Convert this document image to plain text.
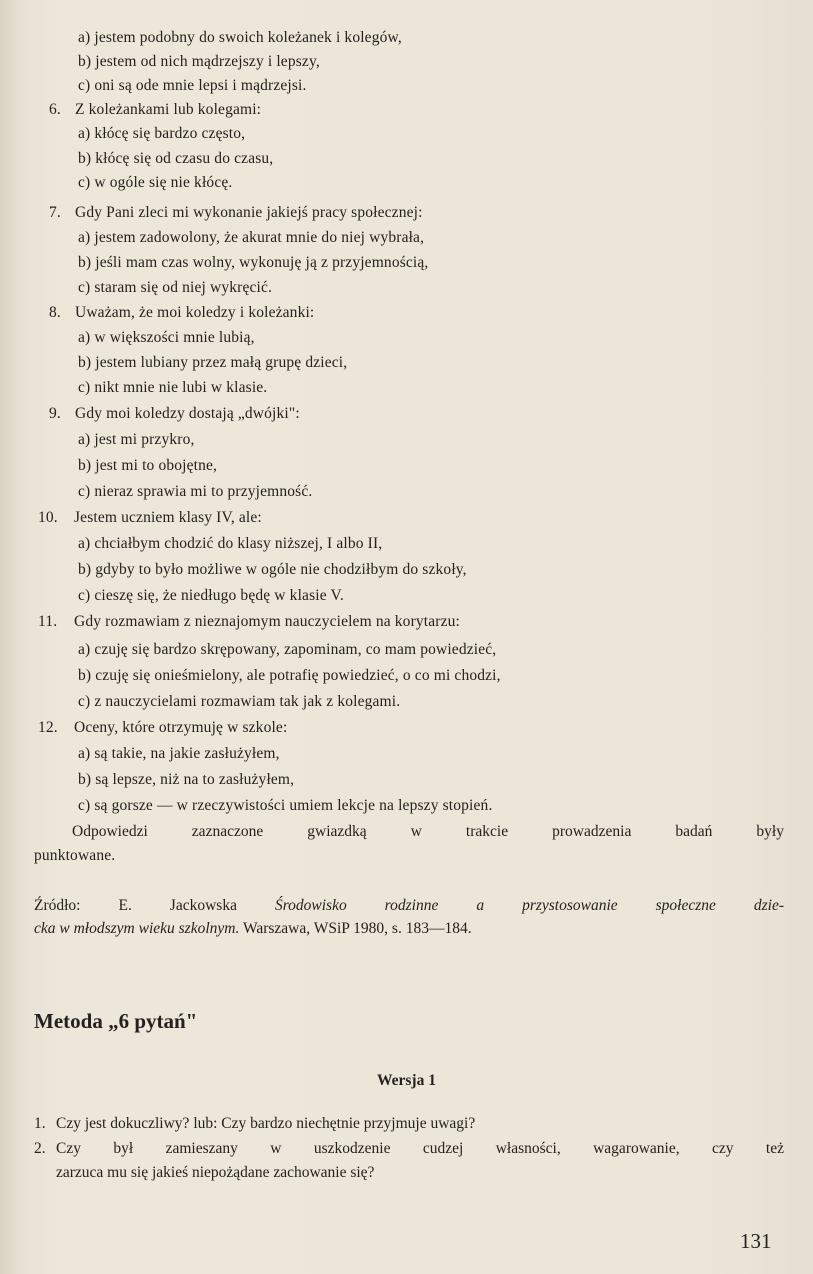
a) jestem podobny do swoich koleżanek i kolegów,
b) jestem od nich mądrzejszy i lepszy,
c) oni są ode mnie lepsi i mądrzejsi.
6. Z koleżankami lub kolegami:
a) kłócę się bardzo często,
b) kłócę się od czasu do czasu,
c) w ogóle się nie kłócę.
7. Gdy Pani zleci mi wykonanie jakiejś pracy społecznej:
a) jestem zadowolony, że akurat mnie do niej wybrała,
b) jeśli mam czas wolny, wykonuję ją z przyjemnością,
c) staram się od niej wykręcić.
8. Uważam, że moi koledzy i koleżanki:
a) w większości mnie lubią,
b) jestem lubiany przez małą grupę dzieci,
c) nikt mnie nie lubi w klasie.
9. Gdy moi koledzy dostają „dwójki":
a) jest mi przykro,
b) jest mi to obojętne,
c) nieraz sprawia mi to przyjemność.
10. Jestem uczniem klasy IV, ale:
a) chciałbym chodzić do klasy niższej, I albo II,
b) gdyby to było możliwe w ogóle nie chodziłbym do szkoły,
c) cieszę się, że niedługo będę w klasie V.
11. Gdy rozmawiam z nieznajomym nauczycielem na korytarzu:
a) czuję się bardzo skrępowany, zapominam, co mam powiedzieć,
b) czuję się onieśmielony, ale potrafię powiedzieć, o co mi chodzi,
c) z nauczycielami rozmawiam tak jak z kolegami.
12. Oceny, które otrzymuję w szkole:
a) są takie, na jakie zasłużyłem,
b) są lepsze, niż na to zasłużyłem,
c) są gorsze — w rzeczywistości umiem lekcje na lepszy stopień.
Odpowiedzi zaznaczone gwiazdką w trakcie prowadzenia badań były
punktowane.
Źródło: E. Jackowska Środowisko rodzinne a przystosowanie społeczne dzie-
cka w młodszym wieku szkolnym. Warszawa, WSiP 1980, s. 183—184.
Metoda „6 pytań"
Wersja 1
1. Czy jest dokuczliwy? lub: Czy bardzo niechętnie przyjmuje uwagi?
2. Czy był zamieszany w uszkodzenie cudzej własności, wagarowanie, czy też
zarzuca mu się jakieś niepożądane zachowanie się?
131
